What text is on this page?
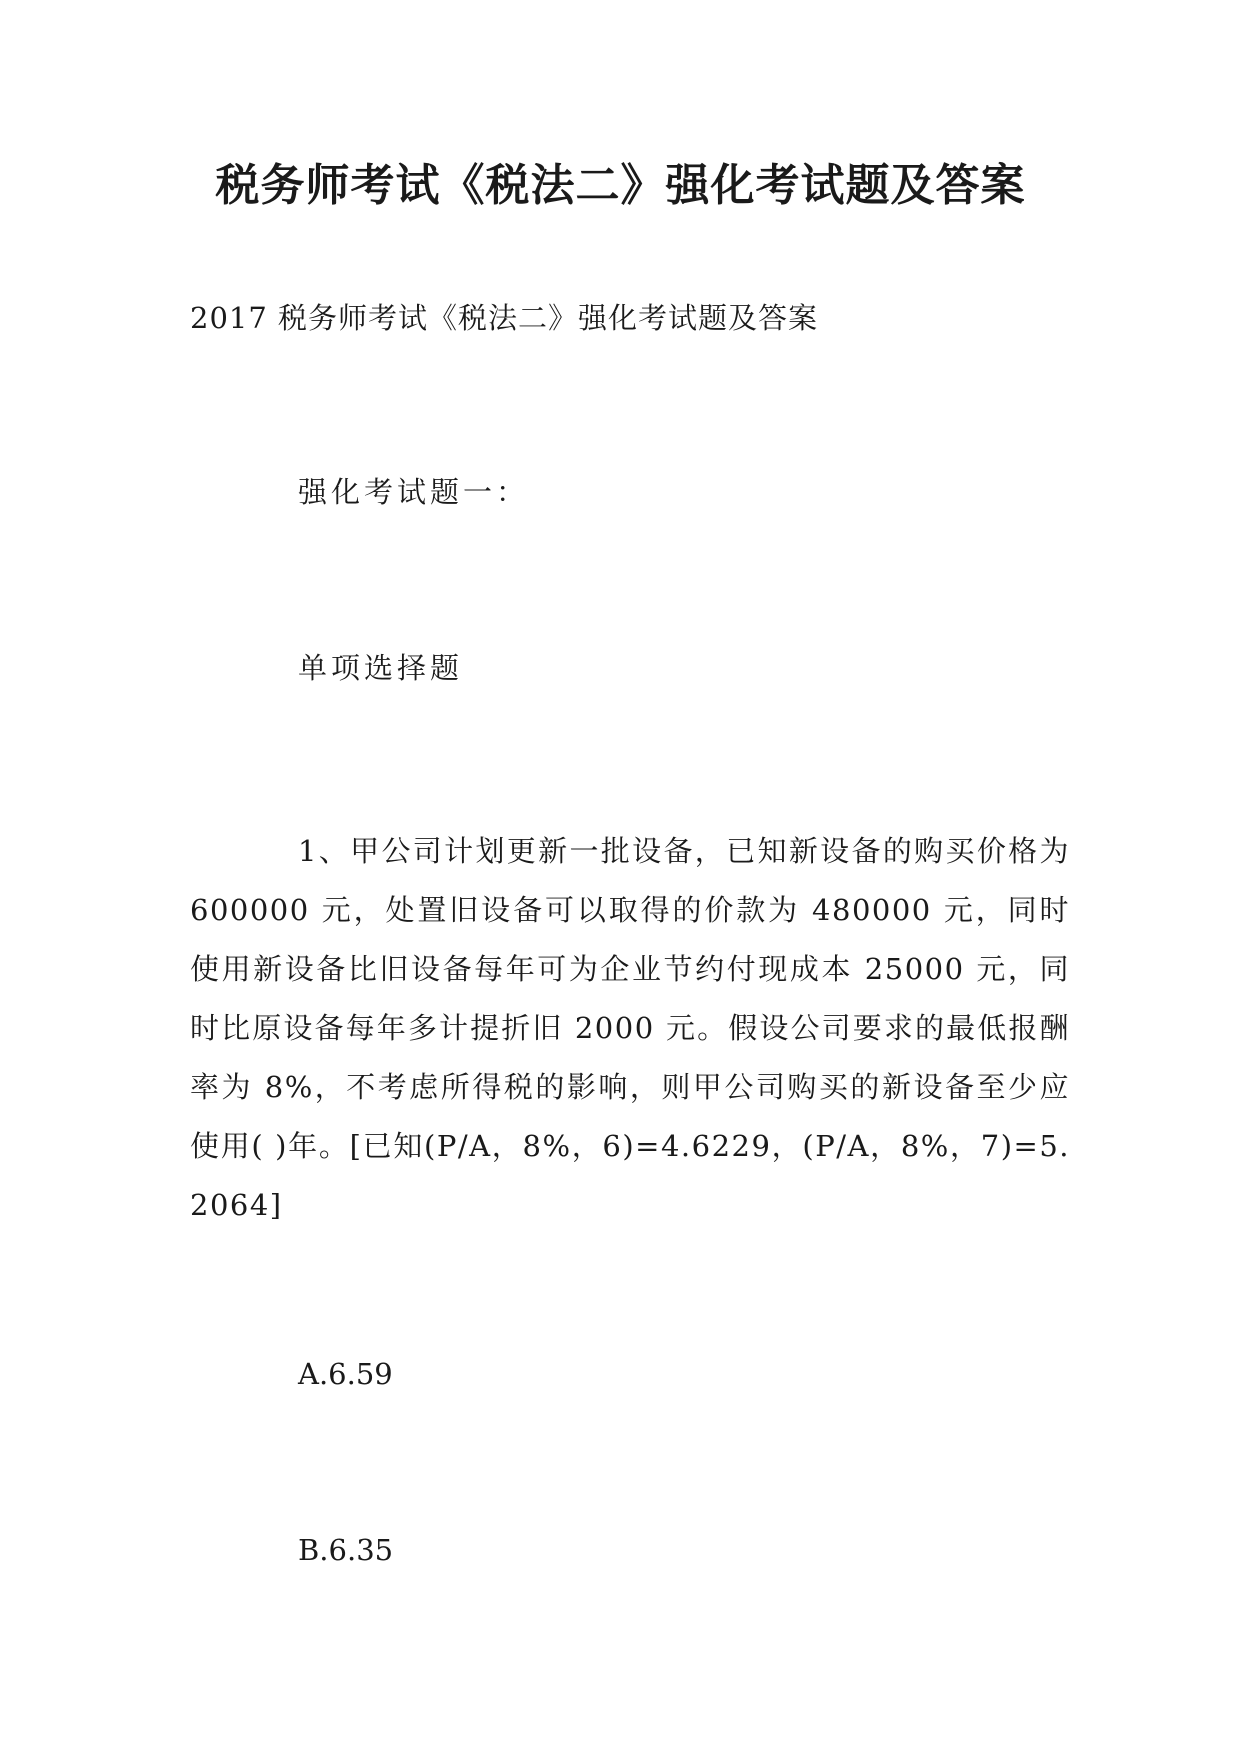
税务师考试《税法二》强化考试题及答案

2017 税务师考试《税法二》强化考试题及答案

强化考试题一：

单项选择题

1、甲公司计划更新一批设备，已知新设备的购买价格为 600000 元，处置旧设备可以取得的价款为 480000 元，同时使用新设备比旧设备每年可为企业节约付现成本 25000 元，同时比原设备每年多计提折旧 2000 元。假设公司要求的最低报酬率为 8%，不考虑所得税的影响，则甲公司购买的新设备至少应使用( )年。[已知(P/A，8%，6)=4.6229，(P/A，8%，7)=5.2064]

A.6.59

B.6.35
